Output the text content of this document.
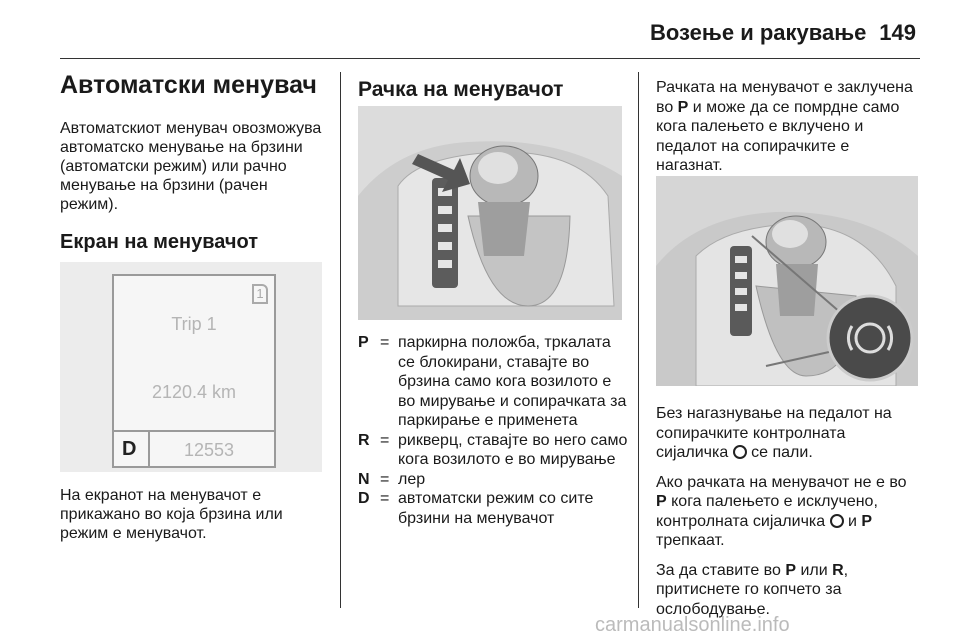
Возење и ракување 149
Автоматски менувач

Автоматскиот менувач овозможува автоматско менување на брзини (автоматски режим) или рачно менување на брзини (рачен режим).

Екран на менувачот
1
Trip 1
2120.4 km
D	12553
На екранот на менувачот е прикажано во која брзина или режим е менувачот.
Рачка на менувачот
P = паркирна положба, тркалата се блокирани, ставајте во брзина само кога возилото е во мирување и сопирачката за паркирање е применета
R = рикверц, ставајте во него само кога возилото е во мирување
N = лер
D = автоматски режим со сите брзини на менувачот
Рачката на менувачот е заклучена во P и може да се помрдне само кога палењето е вклучено и педалот на сопирачките е нагазнат.

Без нагазнување на педалот на сопирачките контролната сијаличка  се пали.

Ако рачката на менувачот не е во P кога палењето е исклучено, контролната сијаличка  и P трепкаат.

За да ставите во P или R,
притиснете го копчето за ослободување.

carmanualsonline.info
